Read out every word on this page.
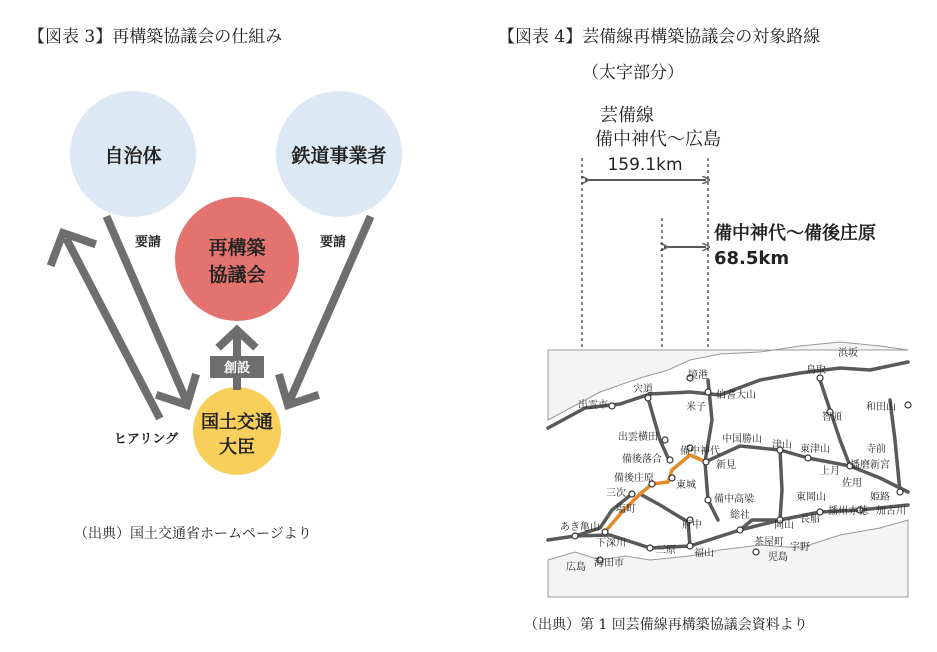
【図表 3】再構築協議会の仕組み	【図表 4】芸備線再構築協議会の対象路線
（太字部分）
自治体	鉄道事業者
再構築
協議会
国土交通
大臣
要請	要請
創設
ヒアリング
芸備線
備中神代～広島
159.1km
備中神代～備後庄原
68.5km
浜坂
鳥取
境港
米子
伯耆大山
宍道
出雲市
智頭
和田山
出雲横田
備中神代
中国勝山
津山 東津山	寺前
備後落合
新見
上月
播磨新宮
備後庄原
東城	佐用
姫路
三次
備中高梁
播州赤穂 加古川
塩町
総社
東岡山
あき亀山	府中	岡山
長船
下深川
三原
茶屋町 宇野
広島
福山	児島
海田市
（出典）国土交通省ホームページより
（出典）第 1 回芸備線再構築協議会資料より
